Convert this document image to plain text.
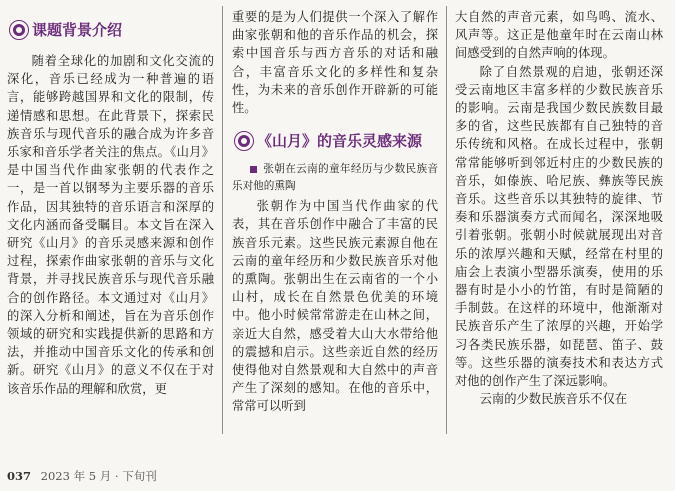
课题背景介绍

随着全球化的加剧和文化交流的深化，音乐已经成为一种普遍的语言，能够跨越国界和文化的限制，传递情感和思想。在此背景下，探索民族音乐与现代音乐的融合成为许多音乐家和音乐学者关注的焦点。《山月》是中国当代作曲家张朝的代表作之一，是一首以钢琴为主要乐器的音乐作品，因其独特的音乐语言和深厚的文化内涵而备受瞩目。本文旨在深入研究《山月》的音乐灵感来源和创作过程，探索作曲家张朝的音乐与文化背景，并寻找民族音乐与现代音乐融合的创作路径。本文通过对《山月》的深入分析和阐述，旨在为音乐创作领域的研究和实践提供新的思路和方法，并推动中国音乐文化的传承和创新。研究《山月》的意义不仅在于对该音乐作品的理解和欣赏，更

重要的是为人们提供一个深入了解作曲家张朝和他的音乐作品的机会，探索中国音乐与西方音乐的对话和融合，丰富音乐文化的多样性和复杂性，为未来的音乐创作开辟新的可能性。

《山月》的音乐灵感来源

张朝在云南的童年经历与少数民族音乐对他的熏陶

张朝作为中国当代作曲家的代表，其在音乐创作中融合了丰富的民族音乐元素。这些民族元素源自他在云南的童年经历和少数民族音乐对他的熏陶。张朝出生在云南省的一个小山村，成长在自然景色优美的环境中。他小时候常常游走在山林之间，亲近大自然，感受着大山大水带给他的震撼和启示。这些亲近自然的经历使得他对自然景观和大自然中的声音产生了深刻的感知。在他的音乐中，常常可以听到

大自然的声音元素，如鸟鸣、流水、风声等。这正是他童年时在云南山林间感受到的自然声响的体现。

除了自然景观的启迪，张朝还深受云南地区丰富多样的少数民族音乐的影响。云南是我国少数民族数目最多的省，这些民族都有自己独特的音乐传统和风格。在成长过程中，张朝常常能够听到邻近村庄的少数民族的音乐，如傣族、哈尼族、彝族等民族音乐。这些音乐以其独特的旋律、节奏和乐器演奏方式而闻名，深深地吸引着张朝。张朝小时候就展现出对音乐的浓厚兴趣和天赋，经常在村里的庙会上表演小型器乐演奏，使用的乐器有时是小小的竹笛，有时是简陋的手制鼓。在这样的环境中，他渐渐对民族音乐产生了浓厚的兴趣，开始学习各类民族乐器，如琵琶、笛子、鼓等。这些乐器的演奏技术和表达方式对他的创作产生了深远影响。

云南的少数民族音乐不仅在

037 2023 年 5 月 · 下旬刊
